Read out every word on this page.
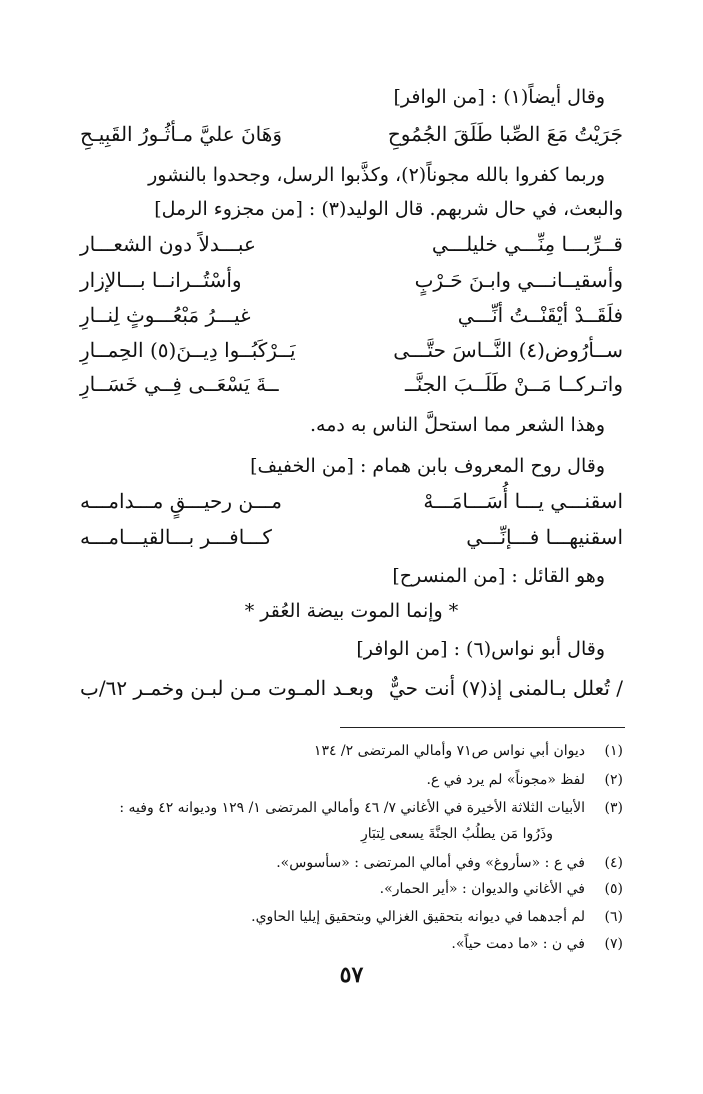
وقال أيضاً(١) : [من الوافر]
جَرَيْتُ مَعَ الصِّبا طَلَقَ الجُمُوحِ
وَهَانَ عليَّ مـأثُـورُ القَبِيـحِ
وربما كفروا بالله مجوناً(٢)، وكذَّبوا الرسل، وجحدوا بالنشور
والبعث، في حال شربهم. قال الوليد(٣) : [من مجزوء الرمل]
قــرِّبـــا مِنِّـــي خليلـــي
عبـــدلاً دون الشعـــار
وأسقيــانـــي وابـنَ حَـرْبٍ
وأسْتُــرانــا بـــالإزار
فلَقَــدْ أيْقَنْــتُ أنِّـــي
غيـــرُ مَبْعُـــوثٍ لِنــارِ
ســأرُوض(٤) النَّــاسَ حتَّـــى
يَــرْكَبُــوا دِيــنَ(٥) الحِمــارِ
واتـركــا مَــنْ طَلَــبَ الجنَّــ
ــةَ يَسْعَــى فِــي خَسَــارِ
وهذا الشعر مما استحلَّ الناس به دمه.
وقال روح المعروف بابن همام : [من الخفيف]
اسقنـــي يـــا أُسَـــامَـــهْ
مـــن رحيـــقٍ مـــدامـــه
اسقنيهـــا فـــإنِّـــي
كـــافـــر بـــالقيـــامـــه
وهو القائل : [من المنسرح]
* وإنما الموت بيضة العُقر *
وقال أبو نواس(٦) : [من الوافر]
/ تُعلل بـالمنى إذ(٧) أنت حيٌّ
وبعـد المـوت مـن لبـن وخمـر ٦٢/ب
(١)
ديوان أبي نواس ص٧١ وأمالي المرتضى ٢/ ١٣٤
(٢)
لفظ «مجوناً» لم يرد في ع.
(٣)
الأبيات الثلاثة الأخيرة في الأغاني ٧/ ٤٦ وأمالي المرتضى ١/ ١٢٩ وديوانه ٤٢ وفيه :
وذَرُوا مَن يطلُبُ الجنَّةَ يسعى لِتبَارِ
(٤)
في ع : «سأروغ» وفي أمالي المرتضى : «سأسوس».
(٥)
في الأغاني والديوان : «أير الحمار».
(٦)
لم أجدهما في ديوانه بتحقيق الغزالي وبتحقيق إيليا الحاوي.
(٧)
في ن : «ما دمت حياً».
٥٧
